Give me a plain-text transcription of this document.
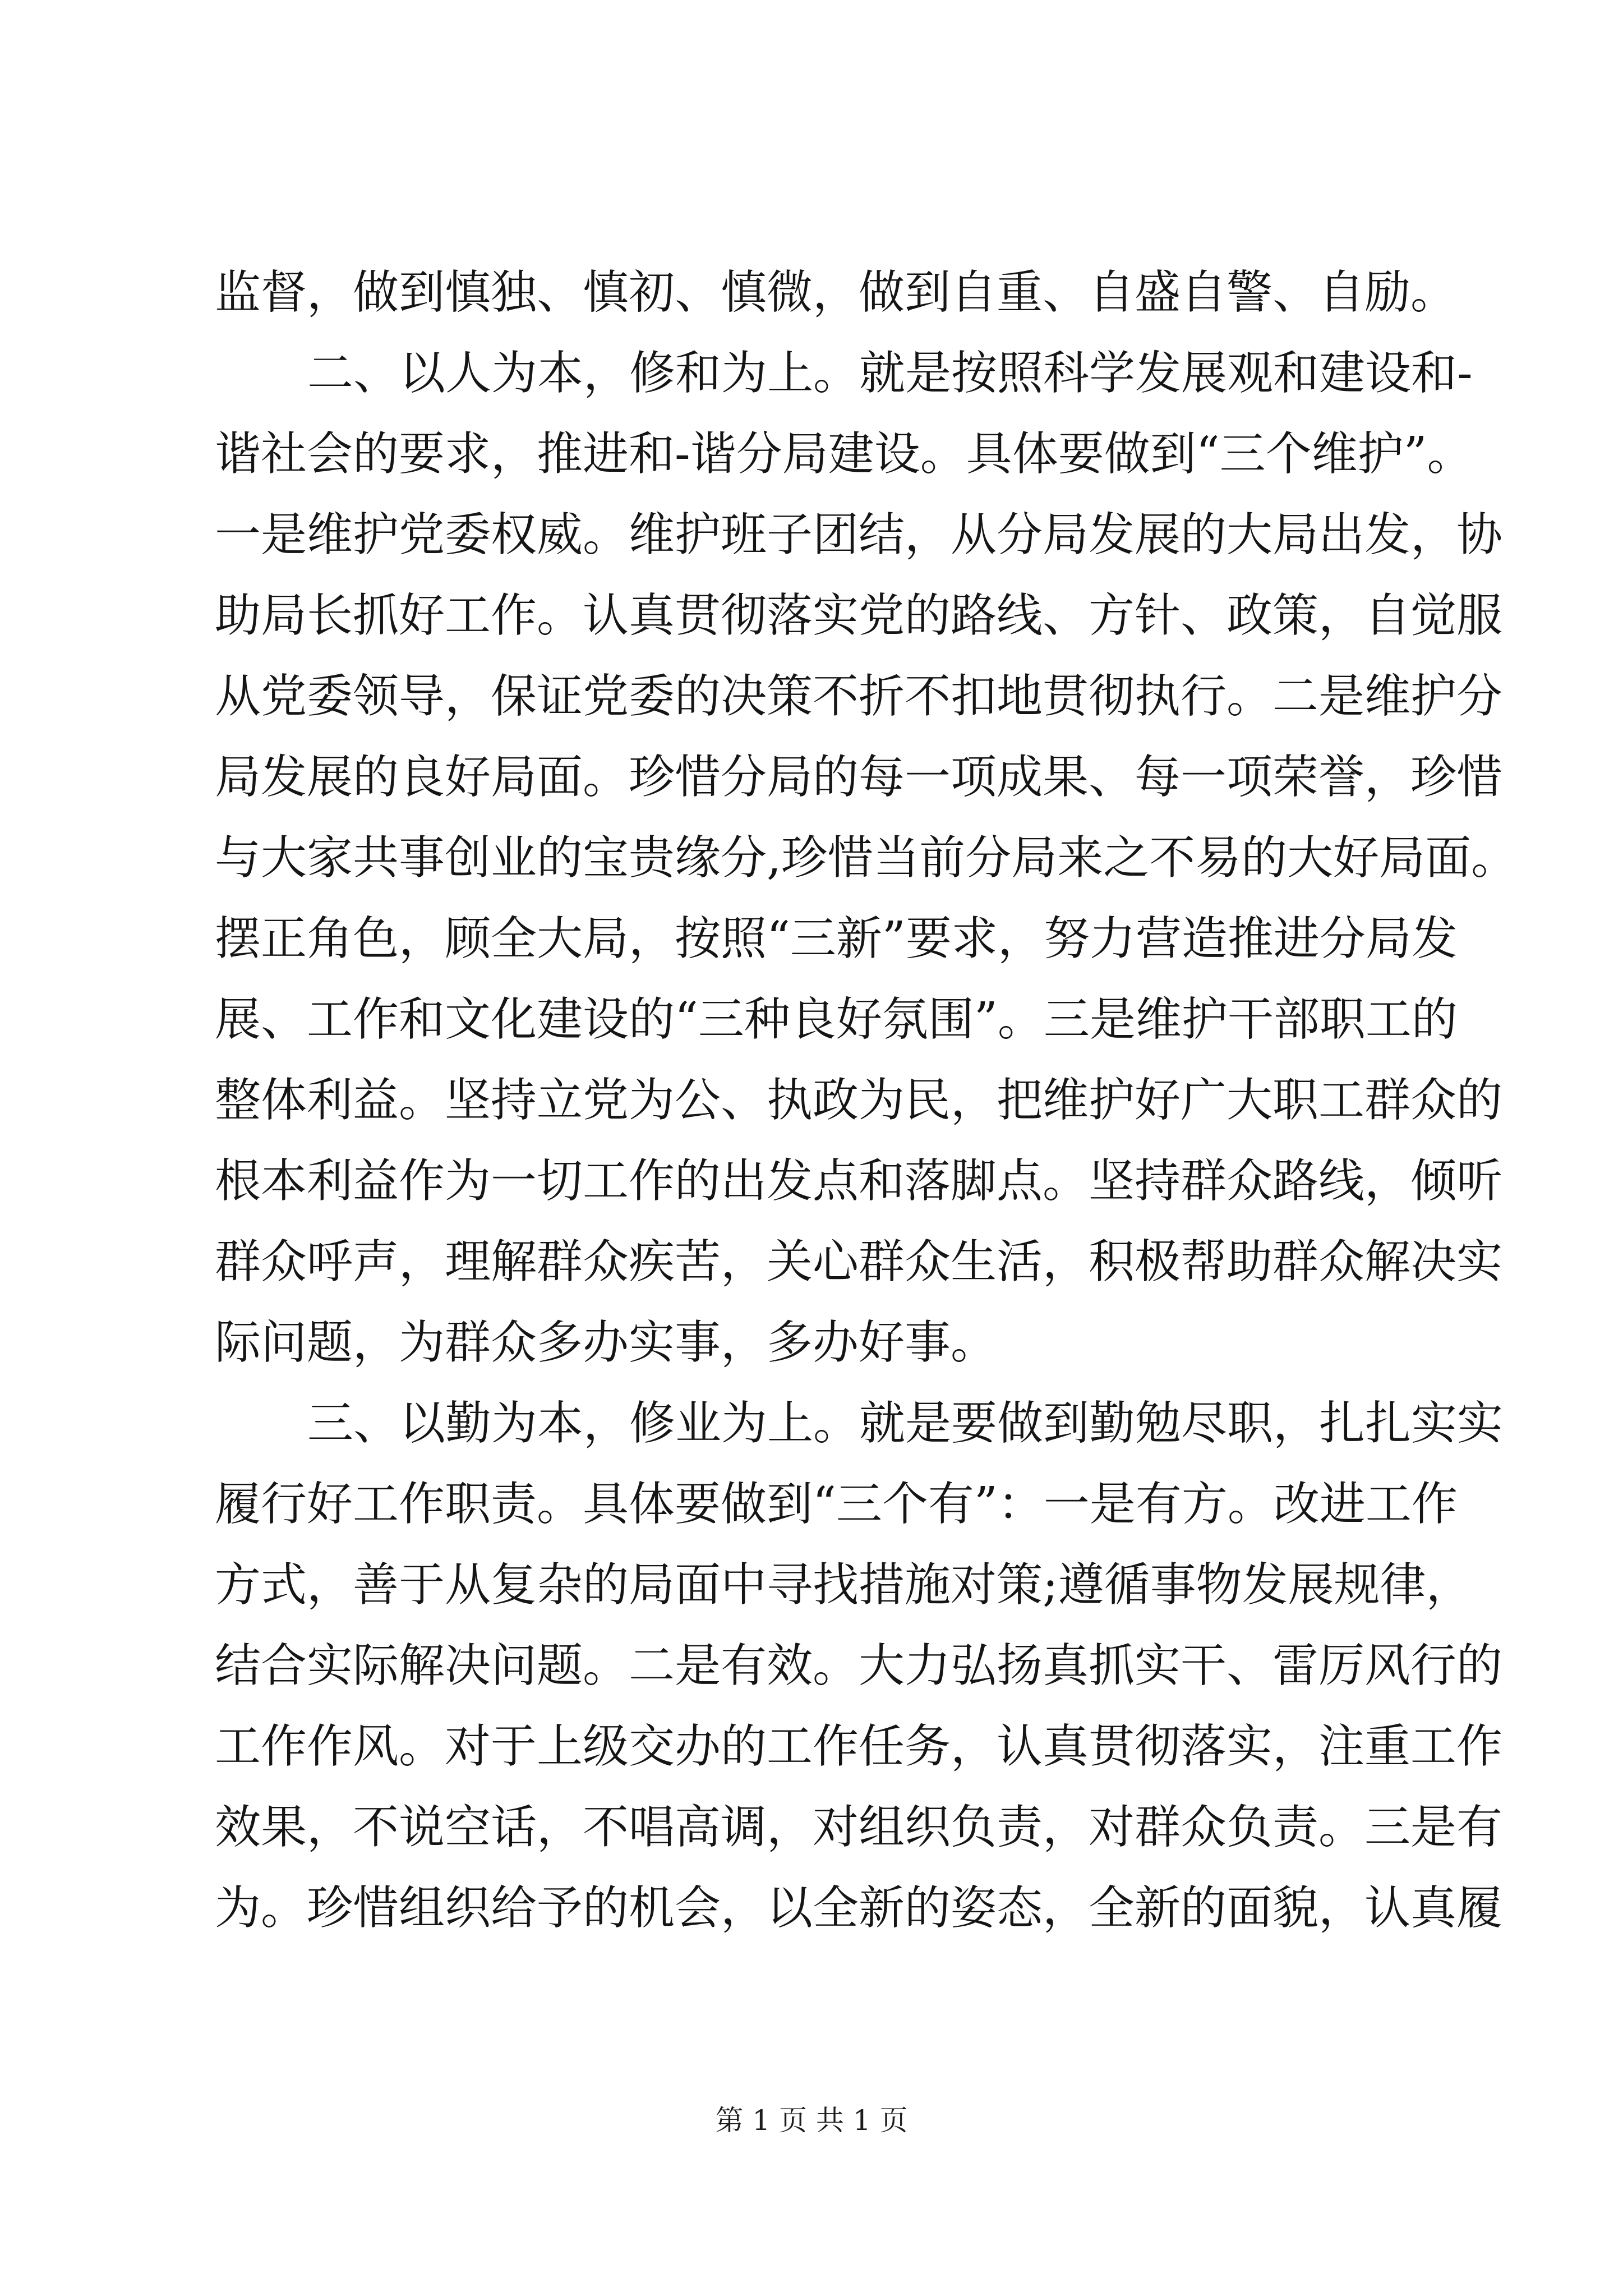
监督，做到慎独、慎初、慎微，做到自重、自盛自警、自励。
二、以人为本，修和为上。就是按照科学发展观和建设和-
谐社会的要求，推进和-谐分局建设。具体要做到“三个维护”。
一是维护党委权威。维护班子团结，从分局发展的大局出发，协
助局长抓好工作。认真贯彻落实党的路线、方针、政策，自觉服
从党委领导，保证党委的决策不折不扣地贯彻执行。二是维护分
局发展的良好局面。珍惜分局的每一项成果、每一项荣誉，珍惜
与大家共事创业的宝贵缘分,珍惜当前分局来之不易的大好局面。
摆正角色，顾全大局，按照“三新”要求，努力营造推进分局发
展、工作和文化建设的“三种良好氛围”。三是维护干部职工的
整体利益。坚持立党为公、执政为民，把维护好广大职工群众的
根本利益作为一切工作的出发点和落脚点。坚持群众路线，倾听
群众呼声，理解群众疾苦，关心群众生活，积极帮助群众解决实
际问题，为群众多办实事，多办好事。
三、以勤为本，修业为上。就是要做到勤勉尽职，扎扎实实
履行好工作职责。具体要做到“三个有”：一是有方。改进工作
方式，善于从复杂的局面中寻找措施对策;遵循事物发展规律，
结合实际解决问题。二是有效。大力弘扬真抓实干、雷厉风行的
工作作风。对于上级交办的工作任务，认真贯彻落实，注重工作
效果，不说空话，不唱高调，对组织负责，对群众负责。三是有
为。珍惜组织给予的机会，以全新的姿态，全新的面貌，认真履
第 1 页 共 1 页
